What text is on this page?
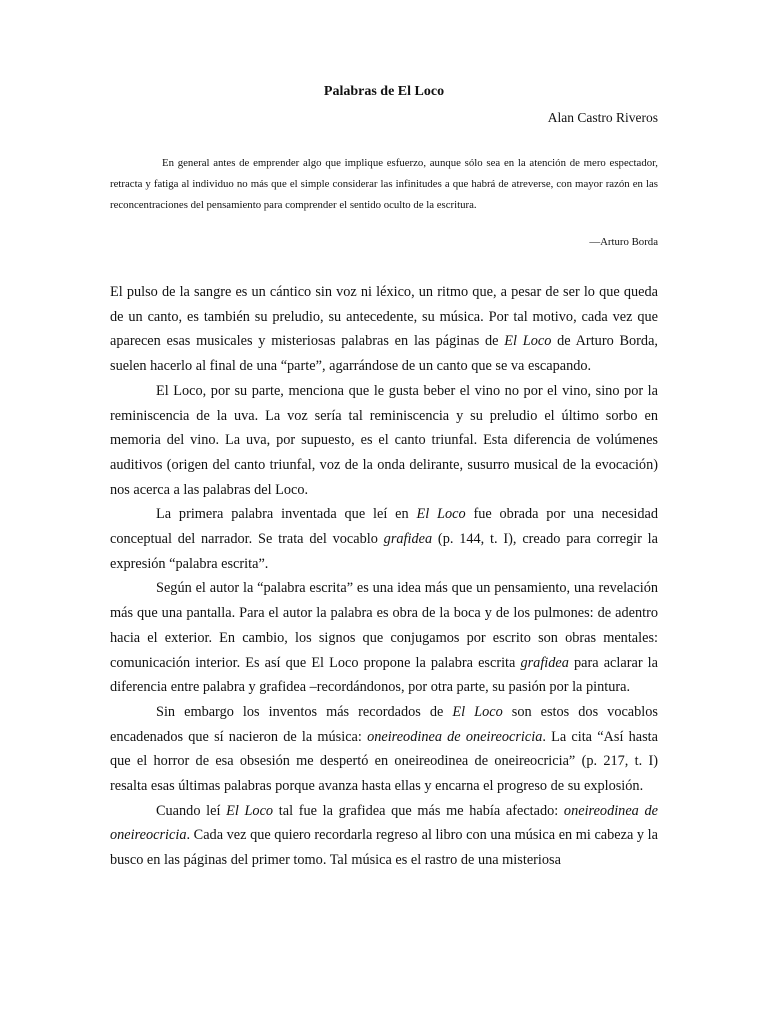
Palabras de El Loco
Alan Castro Riveros
En general antes de emprender algo que implique esfuerzo, aunque sólo sea en la atención de mero espectador, retracta y fatiga al individuo no más que el simple considerar las infinitudes a que habrá de atreverse, con mayor razón en las reconcentraciones del pensamiento para comprender el sentido oculto de la escritura.
—Arturo Borda

El pulso de la sangre es un cántico sin voz ni léxico, un ritmo que, a pesar de ser lo que queda de un canto, es también su preludio, su antecedente, su música. Por tal motivo, cada vez que aparecen esas musicales y misteriosas palabras en las páginas de El Loco de Arturo Borda, suelen hacerlo al final de una “parte”, agarrándose de un canto que se va escapando.

El Loco, por su parte, menciona que le gusta beber el vino no por el vino, sino por la reminiscencia de la uva. La voz sería tal reminiscencia y su preludio el último sorbo en memoria del vino. La uva, por supuesto, es el canto triunfal. Esta diferencia de volúmenes auditivos (origen del canto triunfal, voz de la onda delirante, susurro musical de la evocación) nos acerca a las palabras del Loco.

La primera palabra inventada que leí en El Loco fue obrada por una necesidad conceptual del narrador. Se trata del vocablo grafidea (p. 144, t. I), creado para corregir la expresión “palabra escrita”.

Según el autor la “palabra escrita” es una idea más que un pensamiento, una revelación más que una pantalla. Para el autor la palabra es obra de la boca y de los pulmones: de adentro hacia el exterior. En cambio, los signos que conjugamos por escrito son obras mentales: comunicación interior. Es así que El Loco propone la palabra escrita grafidea para aclarar la diferencia entre palabra y grafidea –recordándonos, por otra parte, su pasión por la pintura.

Sin embargo los inventos más recordados de El Loco son estos dos vocablos encadenados que sí nacieron de la música: oneireodinea de oneireocricia. La cita “Así hasta que el horror de esa obsesión me despertó en oneireodinea de oneireocricia” (p. 217, t. I) resalta esas últimas palabras porque avanza hasta ellas y encarna el progreso de su explosión.

Cuando leí El Loco tal fue la grafidea que más me había afectado: oneireodinea de oneireocricia. Cada vez que quiero recordarla regreso al libro con una música en mi cabeza y la busco en las páginas del primer tomo. Tal música es el rastro de una misteriosa
